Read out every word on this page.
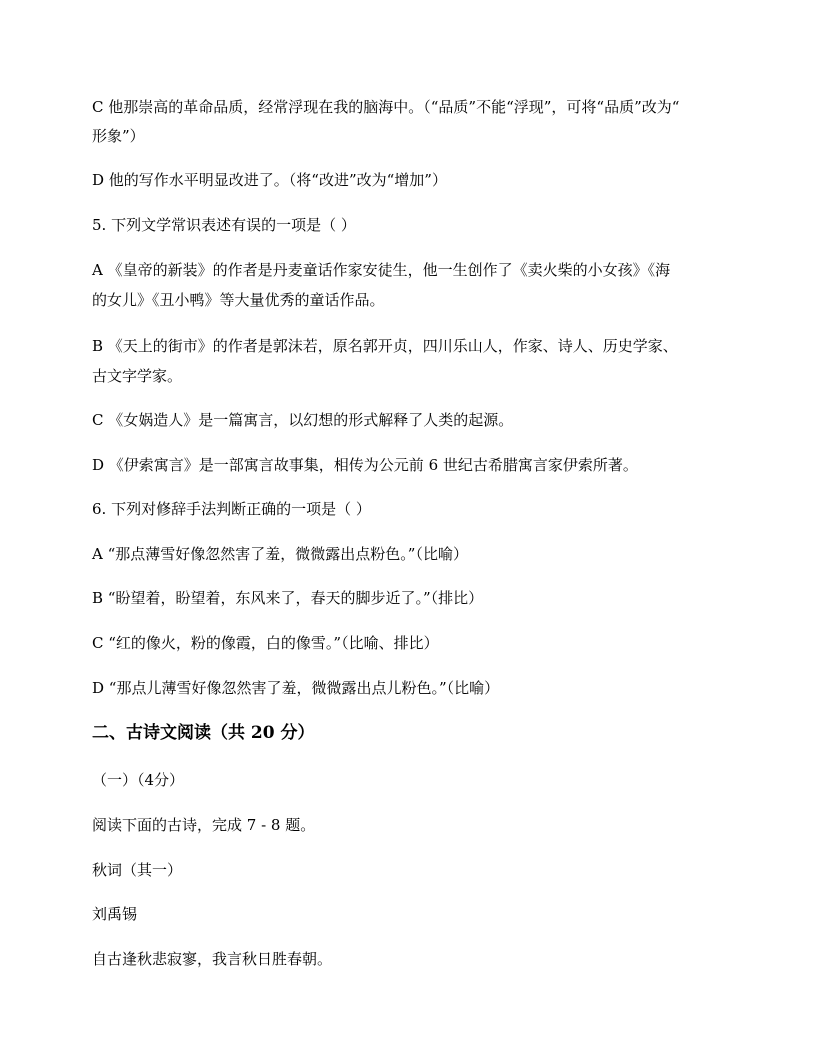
C 他那崇高的革命品质，经常浮现在我的脑海中。（“品质”不能“浮现”，可将“品质”改为“

形象”）

D 他的写作水平明显改进了。（将“改进”改为“增加”）

5. 下列文学常识表述有误的一项是（ ）

A 《皇帝的新装》的作者是丹麦童话作家安徒生，他一生创作了《卖火柴的小女孩》《海

的女儿》《丑小鸭》等大量优秀的童话作品。

B 《天上的街市》的作者是郭沫若，原名郭开贞，四川乐山人，作家、诗人、历史学家、

古文字学家。

C 《女娲造人》是一篇寓言，以幻想的形式解释了人类的起源。

D 《伊索寓言》是一部寓言故事集，相传为公元前 6 世纪古希腊寓言家伊索所著。

6. 下列对修辞手法判断正确的一项是（ ）

A “那点薄雪好像忽然害了羞，微微露出点粉色。”（比喻）

B “盼望着，盼望着，东风来了，春天的脚步近了。”（排比）

C “红的像火，粉的像霞，白的像雪。”（比喻、排比）

D “那点儿薄雪好像忽然害了羞，微微露出点儿粉色。”（比喻）

二、古诗文阅读（共 20 分）

（一）（4分）

阅读下面的古诗，完成 7 - 8 题。

秋词（其一）

刘禹锡

自古逢秋悲寂寥，我言秋日胜春朝。
